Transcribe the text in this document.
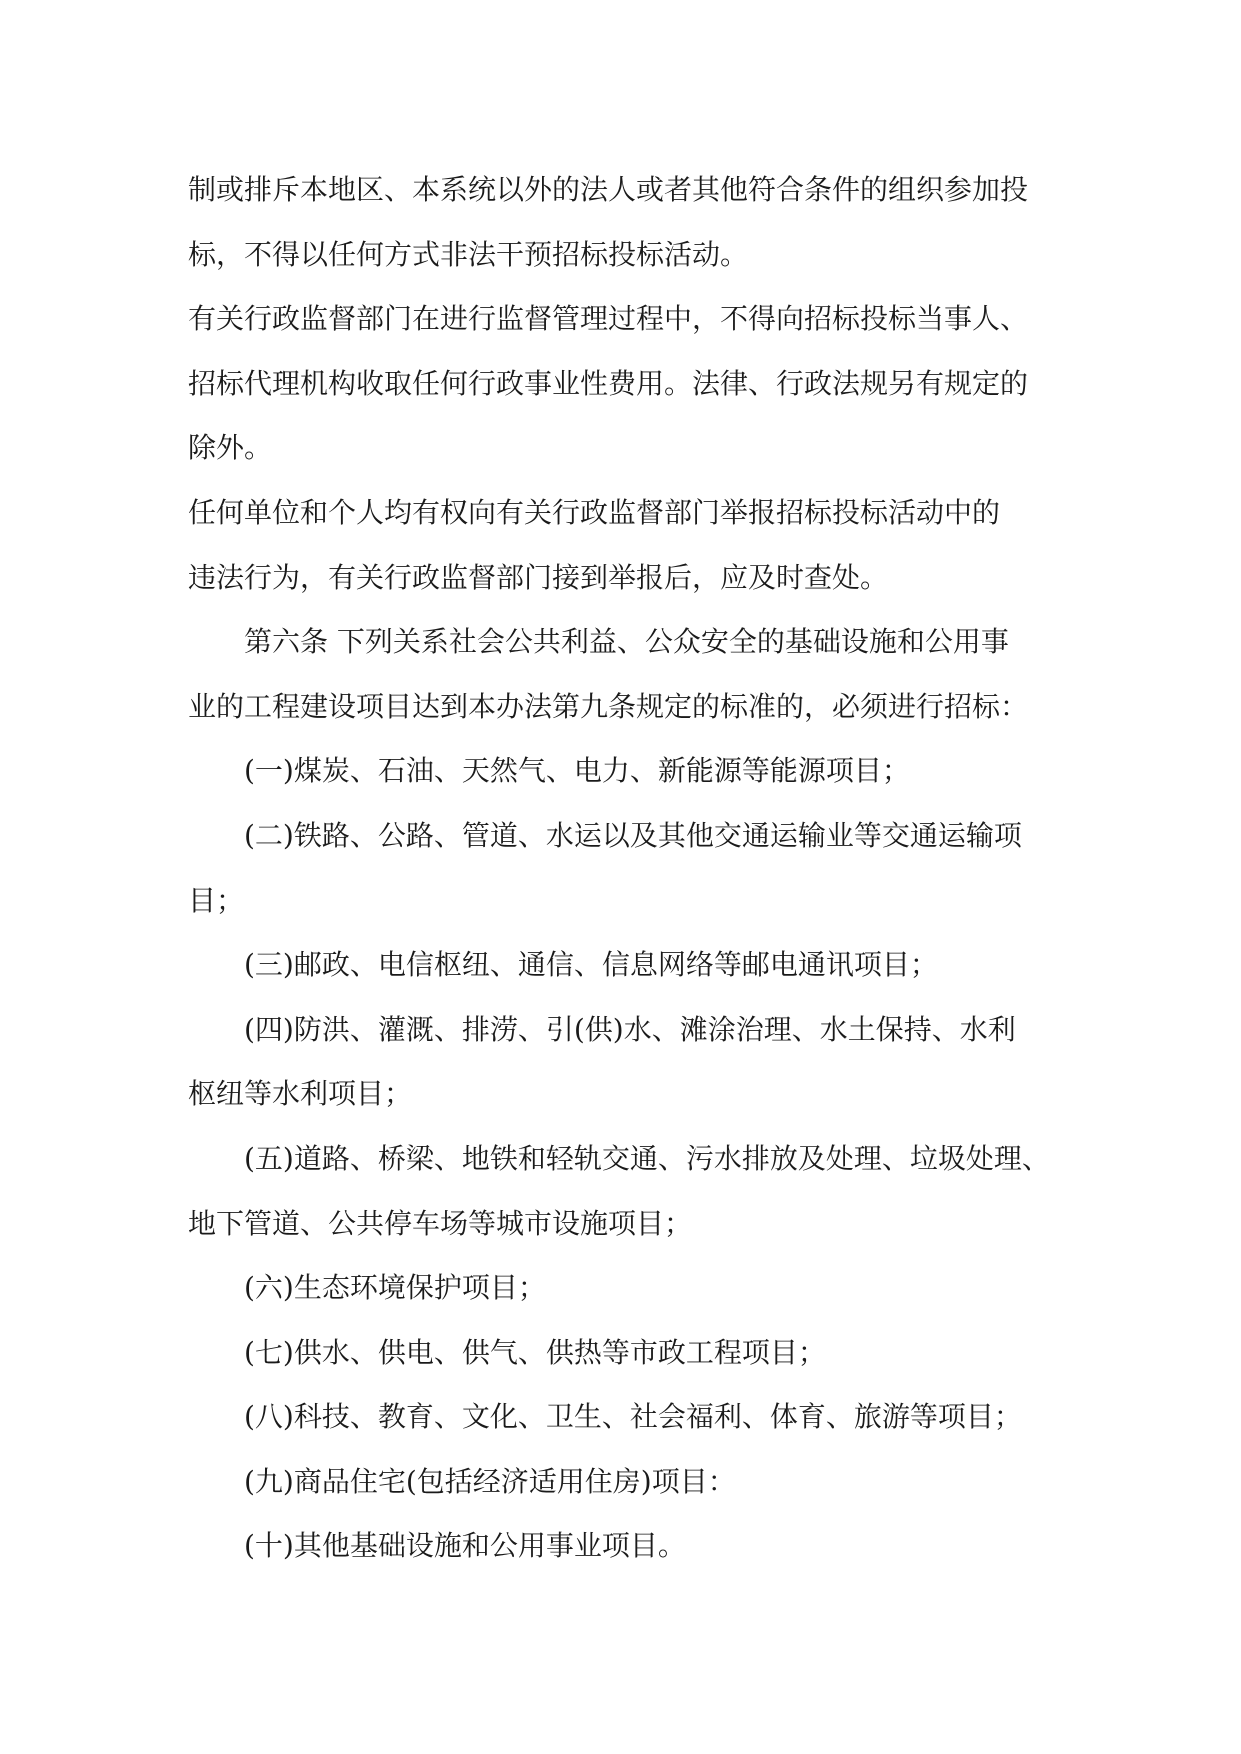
制或排斥本地区、本系统以外的法人或者其他符合条件的组织参加投
标，不得以任何方式非法干预招标投标活动。
有关行政监督部门在进行监督管理过程中，不得向招标投标当事人、
招标代理机构收取任何行政事业性费用。法律、行政法规另有规定的
除外。
任何单位和个人均有权向有关行政监督部门举报招标投标活动中的
违法行为，有关行政监督部门接到举报后，应及时查处。
第六条 下列关系社会公共利益、公众安全的基础设施和公用事
业的工程建设项目达到本办法第九条规定的标准的，必须进行招标：
(一)煤炭、石油、天然气、电力、新能源等能源项目；
(二)铁路、公路、管道、水运以及其他交通运输业等交通运输项
目；
(三)邮政、电信枢纽、通信、信息网络等邮电通讯项目；
(四)防洪、灌溉、排涝、引(供)水、滩涂治理、水土保持、水利
枢纽等水利项目；
(五)道路、桥梁、地铁和轻轨交通、污水排放及处理、垃圾处理、
地下管道、公共停车场等城市设施项目；
(六)生态环境保护项目；
(七)供水、供电、供气、供热等市政工程项目；
(八)科技、教育、文化、卫生、社会福利、体育、旅游等项目；
(九)商品住宅(包括经济适用住房)项目：
(十)其他基础设施和公用事业项目。
